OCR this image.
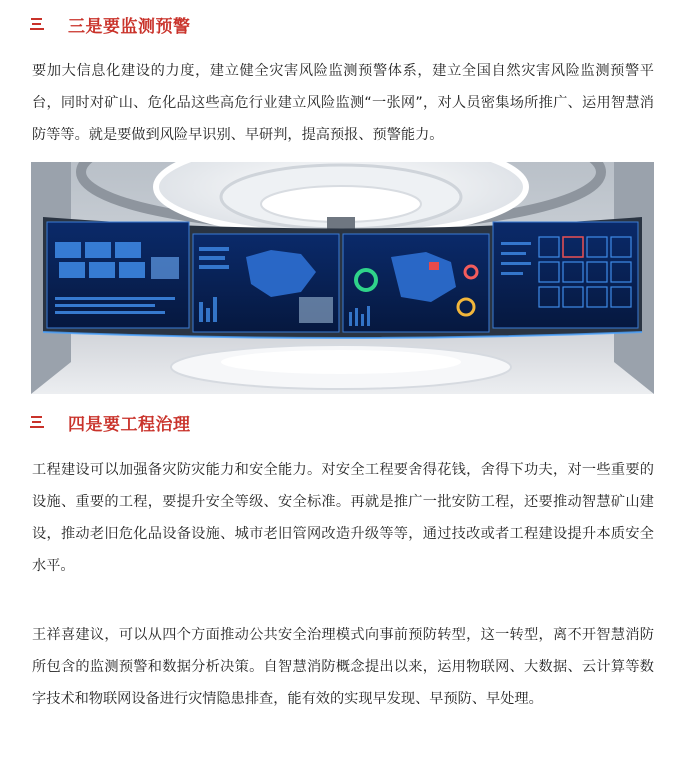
三是要监测预警

要加大信息化建设的力度，建立健全灾害风险监测预警体系，建立全国自然灾害风险监测预警平台，同时对矿山、危化品这些高危行业建立风险监测“一张网”，对人员密集场所推广、运用智慧消防等等。就是要做到风险早识别、早研判，提高预报、预警能力。

四是要工程治理

工程建设可以加强备灾防灾能力和安全能力。对安全工程要舍得花钱，舍得下功夫，对一些重要的设施、重要的工程，要提升安全等级、安全标准。再就是推广一批安防工程，还要推动智慧矿山建设，推动老旧危化品设备设施、城市老旧管网改造升级等等，通过技改或者工程建设提升本质安全水平。

王祥喜建议，可以从四个方面推动公共安全治理模式向事前预防转型，这一转型，离不开智慧消防所包含的监测预警和数据分析决策。自智慧消防概念提出以来，运用物联网、大数据、云计算等数字技术和物联网设备进行灾情隐患排查，能有效的实现早发现、早预防、早处理。
